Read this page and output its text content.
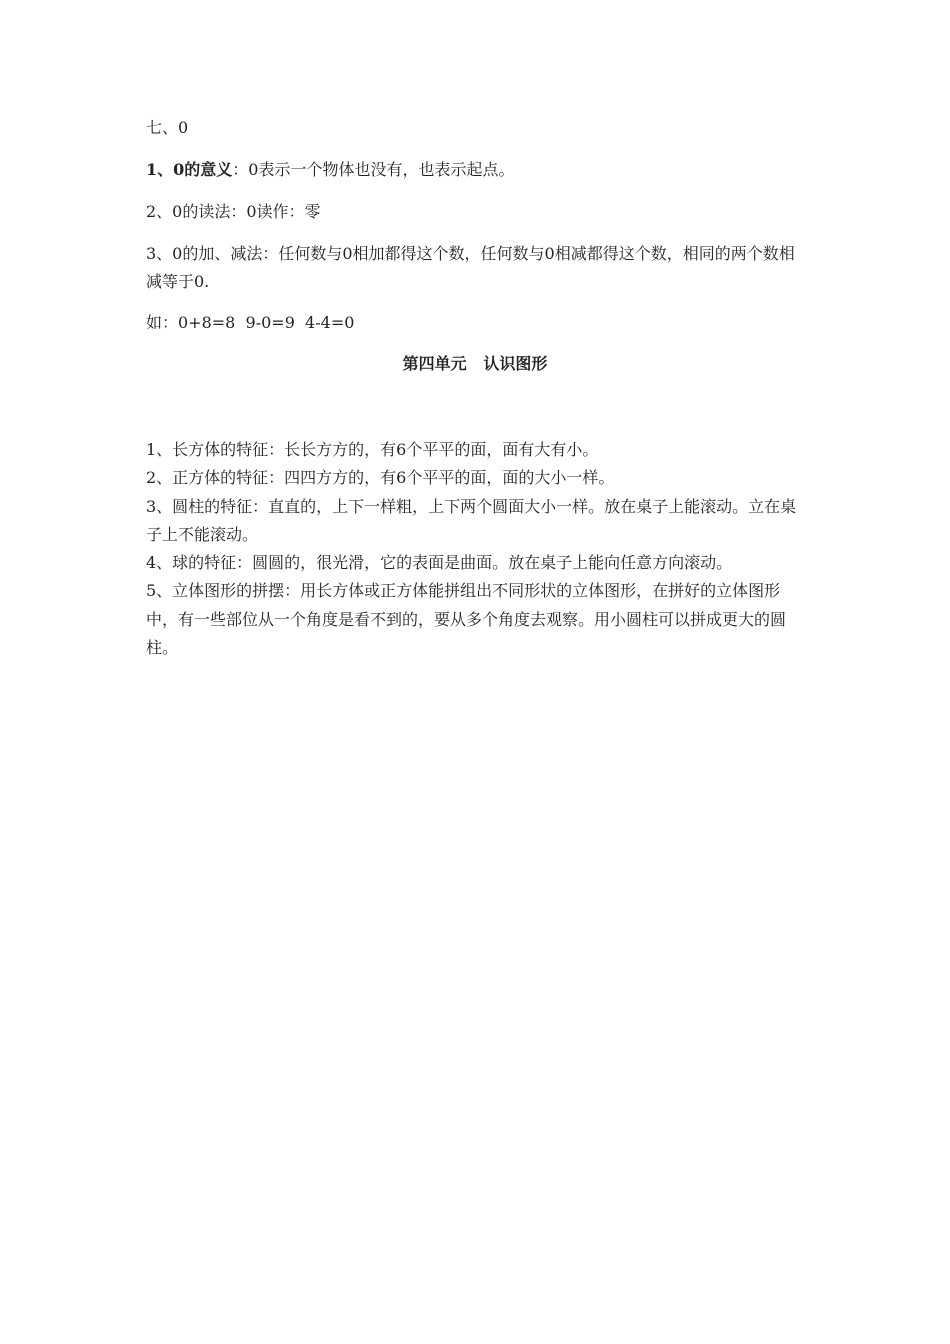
七、0

1、0的意义：0表示一个物体也没有，也表示起点。

2、0的读法：0读作：零

3、0的加、减法：任何数与0相加都得这个数，任何数与0相减都得这个数，相同的两个数相减等于0.

如：0+8=8  9-0=9  4-4=0

第四单元   认识图形

1、长方体的特征：长长方方的，有6个平平的面，面有大有小。
2、正方体的特征：四四方方的，有6个平平的面，面的大小一样。
3、圆柱的特征：直直的，上下一样粗，上下两个圆面大小一样。放在桌子上能滚动。立在桌子上不能滚动。
4、球的特征：圆圆的，很光滑，它的表面是曲面。放在桌子上能向任意方向滚动。
5、立体图形的拼摆：用长方体或正方体能拼组出不同形状的立体图形，在拼好的立体图形中，有一些部位从一个角度是看不到的，要从多个角度去观察。用小圆柱可以拼成更大的圆柱。
